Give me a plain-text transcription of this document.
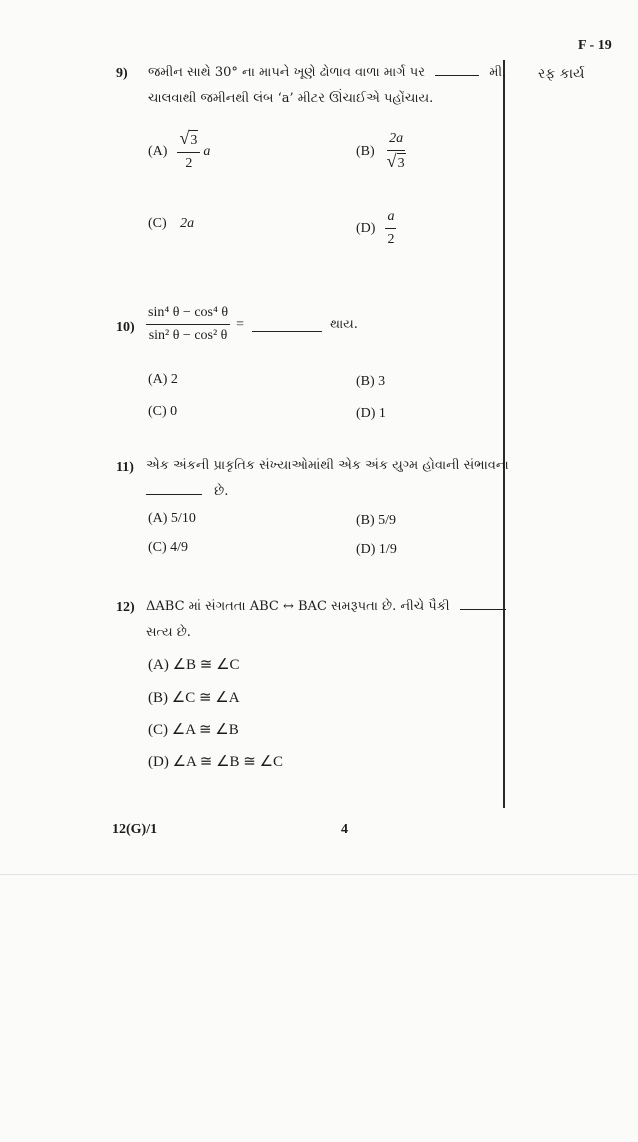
F - 19
રફ કાર્ય
9) જમીન સાથે 30° ના માપને ખૂણે ઢોળાવ વાળા માર્ગ પર	મી.
ચાલવાથી જમીનથી લંબ ‘a’ મીટર ઊંચાઈએ પહોંચાય.
$(A) \frac{√ 3}{2}$ a	$(B) \frac{2a}{√ 3}$
(C) 2a	$(D) \frac{a}{2}$
$10) \frac{\text{sin⁴ θ − cos⁴ θ}}{\text{sin² θ − cos² θ}}$ =	થાય.
(A) 2	(B) 3
(C) 0	(D) 1
11) એક અંકની પ્રાકૃતિક સંખ્યાઓમાંથી એક અંક યુગ્મ હોવાની સંભાવના
છે.
(A) 5/10	(B) 5/9
(C) 4/9	(D) 1/9
12) ΔABC માં સંગતતા ABC ↔ BAC સમરૂપતા છે. નીચે પૈકી
સત્ય છે.
(A) ∠B ≅ ∠C
(B) ∠C ≅ ∠A
(C) ∠A ≅ ∠B
(D) ∠A ≅ ∠B ≅ ∠C
12(G)/1	4
